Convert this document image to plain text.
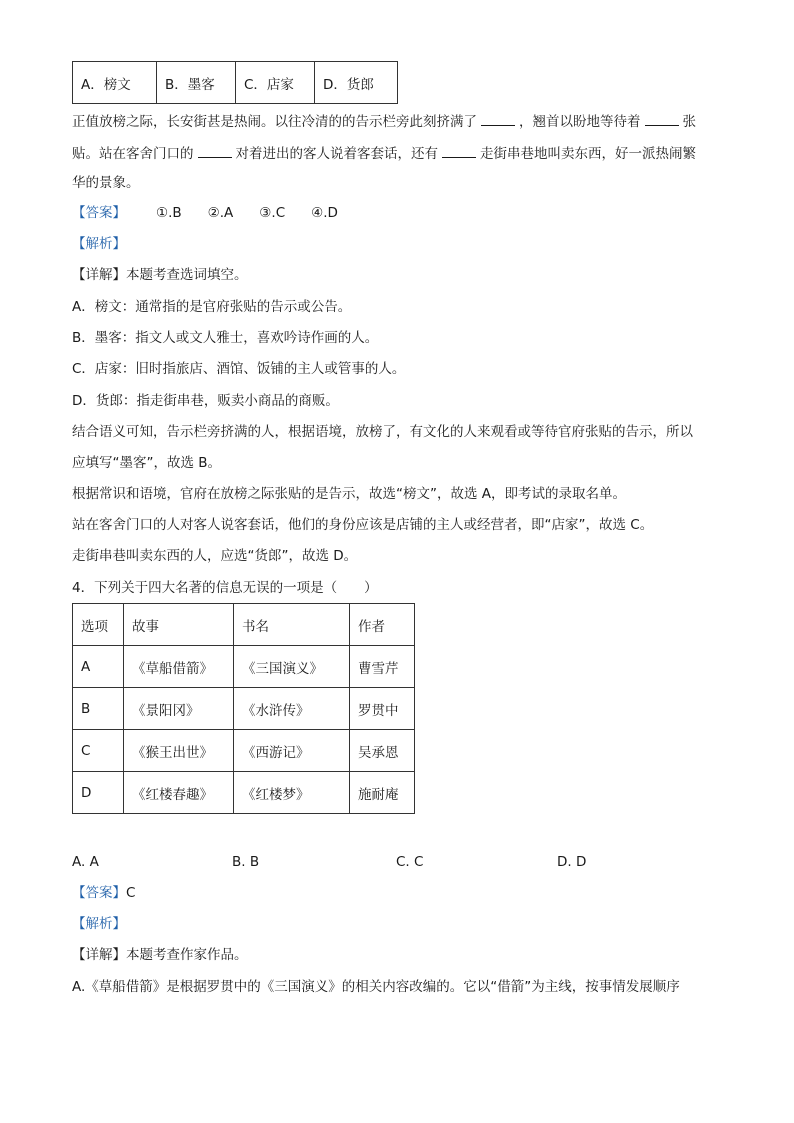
A．榜文	B．墨客	C．店家	D．货郎
正值放榜之际，长安街甚是热闹。以往冷清的的告示栏旁此刻挤满了	，翘首以盼地等待着	张
贴。站在客舍门口的	对着进出的客人说着客套话，还有	走街串巷地叫卖东西，好一派热闹繁
华的景象。
【答案】 ①.B ②.A ③.C ④.D
【解析】
【详解】本题考查选词填空。
A．榜文：通常指的是官府张贴的告示或公告。
B．墨客：指文人或文人雅士，喜欢吟诗作画的人。
C．店家：旧时指旅店、酒馆、饭铺的主人或管事的人。
D．货郎：指走街串巷，贩卖小商品的商贩。
结合语义可知，告示栏旁挤满的人，根据语境，放榜了，有文化的人来观看或等待官府张贴的告示，所以
应填写“墨客”，故选 B。
根据常识和语境，官府在放榜之际张贴的是告示，故选“榜文”，故选 A，即考试的录取名单。
站在客舍门口的人对客人说客套话，他们的身份应该是店铺的主人或经营者，即“店家”，故选 C。
走街串巷叫卖东西的人，应选“货郎”，故选 D。
4．下列关于四大名著的信息无误的一项是（　　）
选项	故事	书名	作者
A	《草船借箭》	《三国演义》	曹雪芹
B	《景阳冈》	《水浒传》	罗贯中
C	《猴王出世》	《西游记》	吴承恩
D	《红楼春趣》	《红楼梦》	施耐庵
A. A	B. B	C. C	D. D
【答案】C
【解析】
【详解】本题考查作家作品。
A.《草船借箭》是根据罗贯中的《三国演义》的相关内容改编的。它以“借箭”为主线，按事情发展顺序
